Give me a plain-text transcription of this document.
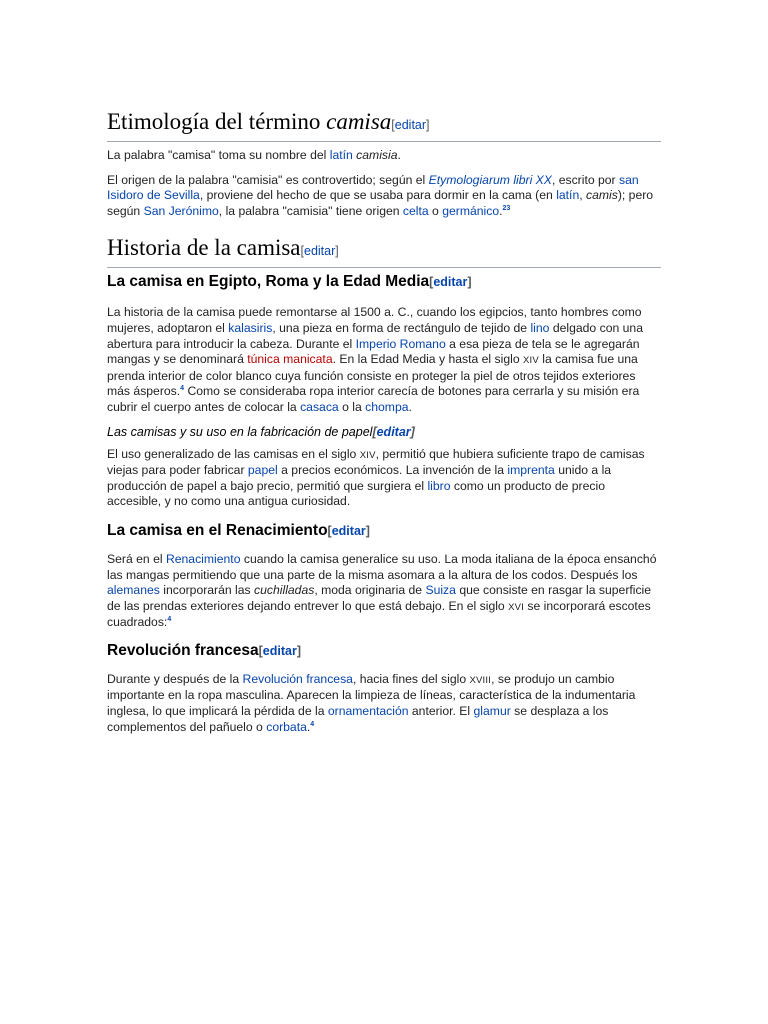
Etimología del término camisa[editar]

La palabra "camisa" toma su nombre del latín camisia.

El origen de la palabra "camisia" es controvertido; según el Etymologiarum libri XX, escrito por san Isidoro de Sevilla, proviene del hecho de que se usaba para dormir en la cama (en latín, camis); pero según San Jerónimo, la palabra "camisia" tiene origen celta o germánico.$^{23}$

Historia de la camisa[editar]
La camisa en Egipto, Roma y la Edad Media[editar]

La historia de la camisa puede remontarse al 1500 a. C., cuando los egipcios, tanto hombres como mujeres, adoptaron el kalasiris, una pieza en forma de rectángulo de tejido de lino delgado con una abertura para introducir la cabeza. Durante el Imperio Romano a esa pieza de tela se le agregarán mangas y se denominará túnica manicata. En la Edad Media y hasta el siglo XIV la camisa fue una prenda interior de color blanco cuya función consiste en proteger la piel de otros tejidos exteriores más ásperos.$^4$ Como se consideraba ropa interior carecía de botones para cerrarla y su misión era cubrir el cuerpo antes de colocar la casaca o la chompa.

Las camisas y su uso en la fabricación de papel[editar]

El uso generalizado de las camisas en el siglo XIV, permitió que hubiera suficiente trapo de camisas viejas para poder fabricar papel a precios económicos. La invención de la imprenta unido a la producción de papel a bajo precio, permitió que surgiera el libro como un producto de precio accesible, y no como una antigua curiosidad.

La camisa en el Renacimiento[editar]

Será en el Renacimiento cuando la camisa generalice su uso. La moda italiana de la época ensanchó las mangas permitiendo que una parte de la misma asomara a la altura de los codos. Después los alemanes incorporarán las cuchilladas, moda originaria de Suiza que consiste en rasgar la superficie de las prendas exteriores dejando entrever lo que está debajo. En el siglo XVI se incorporará escotes cuadrados:$^4$

Revolución francesa[editar]

Durante y después de la Revolución francesa, hacia fines del siglo XVIII, se produjo un cambio importante en la ropa masculina. Aparecen la limpieza de líneas, característica de la indumentaria inglesa, lo que implicará la pérdida de la ornamentación anterior. El glamur se desplaza a los complementos del pañuelo o corbata.$^4$
